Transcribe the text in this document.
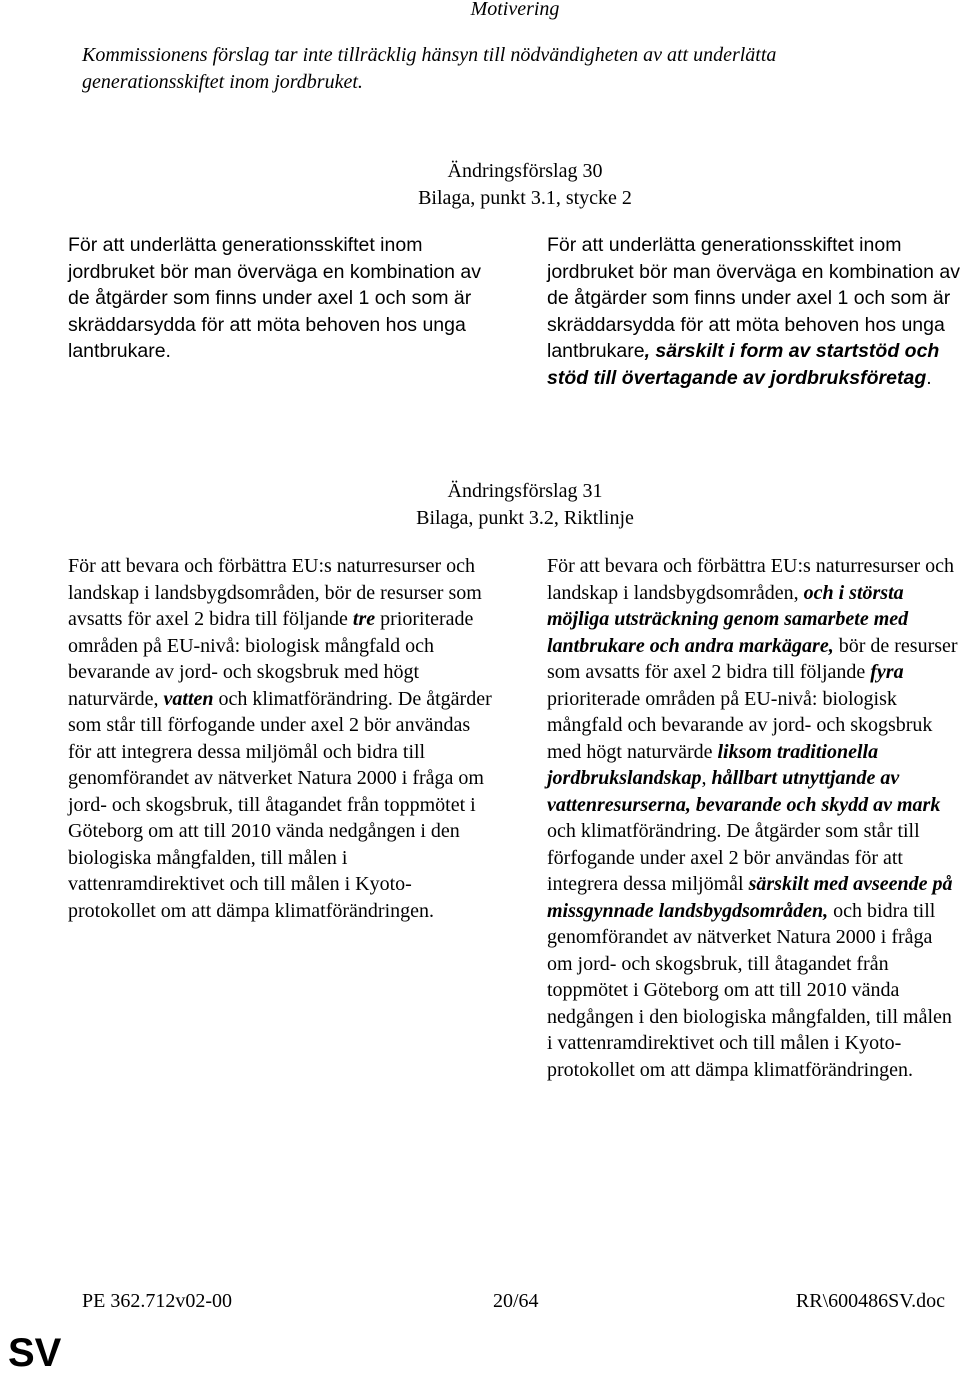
Motivering
Kommissionens förslag tar inte tillräcklig hänsyn till nödvändigheten av att underlätta generationsskiftet inom jordbruket.
Ändringsförslag 30
Bilaga, punkt 3.1, stycke 2
För att underlätta generationsskiftet inom jordbruket bör man överväga en kombination av de åtgärder som finns under axel 1 och som är skräddarsydda för att möta behoven hos unga lantbrukare.
För att underlätta generationsskiftet inom jordbruket bör man överväga en kombination av de åtgärder som finns under axel 1 och som är skräddarsydda för att möta behoven hos unga lantbrukare, särskilt i form av startstöd och stöd till övertagande av jordbruksföretag.
Ändringsförslag 31
Bilaga, punkt 3.2, Riktlinje
För att bevara och förbättra EU:s naturresurser och landskap i landsbygdsområden, bör de resurser som avsatts för axel 2 bidra till följande tre prioriterade områden på EU-nivå: biologisk mångfald och bevarande av jord- och skogsbruk med högt naturvärde, vatten och klimatförändring. De åtgärder som står till förfogande under axel 2 bör användas för att integrera dessa miljömål och bidra till genomförandet av nätverket Natura 2000 i fråga om jord- och skogsbruk, till åtagandet från toppmötet i Göteborg om att till 2010 vända nedgången i den biologiska mångfalden, till målen i vattenramdirektivet och till målen i Kyoto-protokollet om att dämpa klimatförändringen.
För att bevara och förbättra EU:s naturresurser och landskap i landsbygdsområden, och i största möjliga utsträckning genom samarbete med lantbrukare och andra markägare, bör de resurser som avsatts för axel 2 bidra till följande fyra prioriterade områden på EU-nivå: biologisk mångfald och bevarande av jord- och skogsbruk med högt naturvärde liksom traditionella jordbrukslandskap, hållbart utnyttjande av vattenresurserna, bevarande och skydd av mark och klimatförändring. De åtgärder som står till förfogande under axel 2 bör användas för att integrera dessa miljömål särskilt med avseende på missgynnade landsbygdsområden, och bidra till genomförandet av nätverket Natura 2000 i fråga om jord- och skogsbruk, till åtagandet från toppmötet i Göteborg om att till 2010 vända nedgången i den biologiska mångfalden, till målen i vattenramdirektivet och till målen i Kyoto-protokollet om att dämpa klimatförändringen.
PE 362.712v02-00	20/64	RR\600486SV.doc
SV
